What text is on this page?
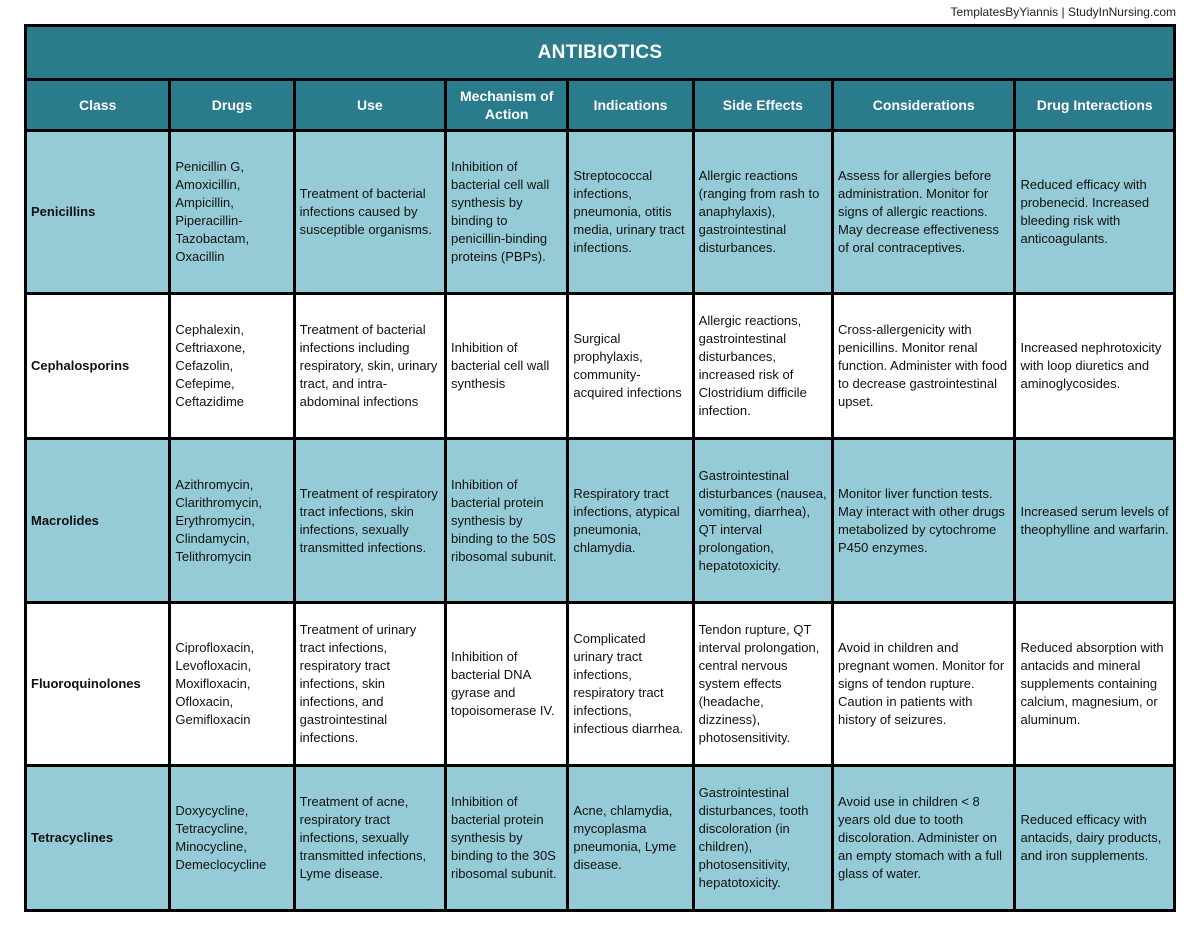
TemplatesByYiannis | StudyInNursing.com
ANTIBIOTICS							
Class	Drugs	Use	Mechanism of Action	Indications	Side Effects	Considerations	Drug Interactions
Penicillins	Penicillin G, Amoxicillin, Ampicillin, Piperacillin-Tazobactam, Oxacillin	Treatment of bacterial infections caused by susceptible organisms.	Inhibition of bacterial cell wall synthesis by binding to penicillin-binding proteins (PBPs).	Streptococcal infections, pneumonia, otitis media, urinary tract infections.	Allergic reactions (ranging from rash to anaphylaxis), gastrointestinal disturbances.	Assess for allergies before administration. Monitor for signs of allergic reactions. May decrease effectiveness of oral contraceptives.	Reduced efficacy with probenecid. Increased bleeding risk with anticoagulants.
Cephalosporins	Cephalexin, Ceftriaxone, Cefazolin, Cefepime, Ceftazidime	Treatment of bacterial infections including respiratory, skin, urinary tract, and intra-abdominal infections	Inhibition of bacterial cell wall synthesis	Surgical prophylaxis, community-acquired infections	Allergic reactions, gastrointestinal disturbances, increased risk of Clostridium difficile infection.	Cross-allergenicity with penicillins. Monitor renal function. Administer with food to decrease gastrointestinal upset.	Increased nephrotoxicity with loop diuretics and aminoglycosides.
Macrolides	Azithromycin, Clarithromycin, Erythromycin, Clindamycin, Telithromycin	Treatment of respiratory tract infections, skin infections, sexually transmitted infections.	Inhibition of bacterial protein synthesis by binding to the 50S ribosomal subunit.	Respiratory tract infections, atypical pneumonia, chlamydia.	Gastrointestinal disturbances (nausea, vomiting, diarrhea), QT interval prolongation, hepatotoxicity.	Monitor liver function tests. May interact with other drugs metabolized by cytochrome P450 enzymes.	Increased serum levels of theophylline and warfarin.
Fluoroquinolones	Ciprofloxacin, Levofloxacin, Moxifloxacin, Ofloxacin, Gemifloxacin	Treatment of urinary tract infections, respiratory tract infections, skin infections, and gastrointestinal infections.	Inhibition of bacterial DNA gyrase and topoisomerase IV.	Complicated urinary tract infections, respiratory tract infections, infectious diarrhea.	Tendon rupture, QT interval prolongation, central nervous system effects (headache, dizziness), photosensitivity.	Avoid in children and pregnant women. Monitor for signs of tendon rupture. Caution in patients with history of seizures.	Reduced absorption with antacids and mineral supplements containing calcium, magnesium, or aluminum.
Tetracyclines	Doxycycline, Tetracycline, Minocycline, Demeclocycline	Treatment of acne, respiratory tract infections, sexually transmitted infections, Lyme disease.	Inhibition of bacterial protein synthesis by binding to the 30S ribosomal subunit.	Acne, chlamydia, mycoplasma pneumonia, Lyme disease.	Gastrointestinal disturbances, tooth discoloration (in children), photosensitivity, hepatotoxicity.	Avoid use in children < 8 years old due to tooth discoloration. Administer on an empty stomach with a full glass of water.	Reduced efficacy with antacids, dairy products, and iron supplements.
